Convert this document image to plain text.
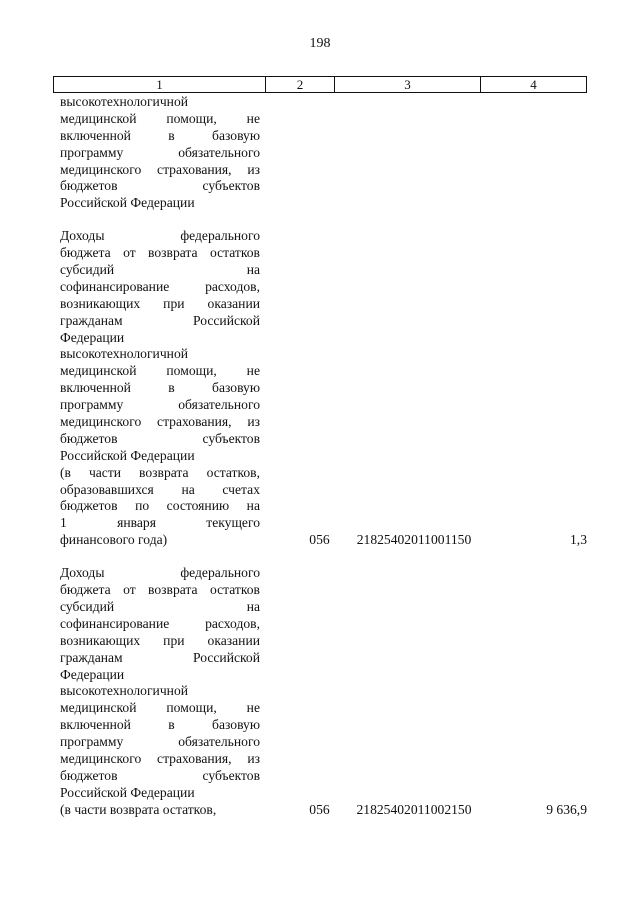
198
1	2	3	4
высокотехнологичной
медицинской помощи, не
включенной	в	базовую
программу	обязательного
медицинского страхования, из
бюджетов	субъектов
Российской Федерации
Доходы	федерального
бюджета от возврата остатков
субсидий	на
софинансирование	расходов,
возникающих при оказании
гражданам	Российской
Федерации
высокотехнологичной
медицинской помощи, не
включенной	в	базовую
программу	обязательного
медицинского страхования, из
бюджетов	субъектов
Российской Федерации
(в части возврата остатков,
образовавшихся на счетах
бюджетов по состоянию на
1	января	текущего
финансового года)	056	21825402011001150	1,3
Доходы	федерального
бюджета от возврата остатков
субсидий	на
софинансирование	расходов,
возникающих при оказании
гражданам	Российской
Федерации
высокотехнологичной
медицинской помощи, не
включенной	в	базовую
программу	обязательного
медицинского страхования, из
бюджетов	субъектов
Российской Федерации
(в части возврата остатков,	056	21825402011002150	9 636,9
